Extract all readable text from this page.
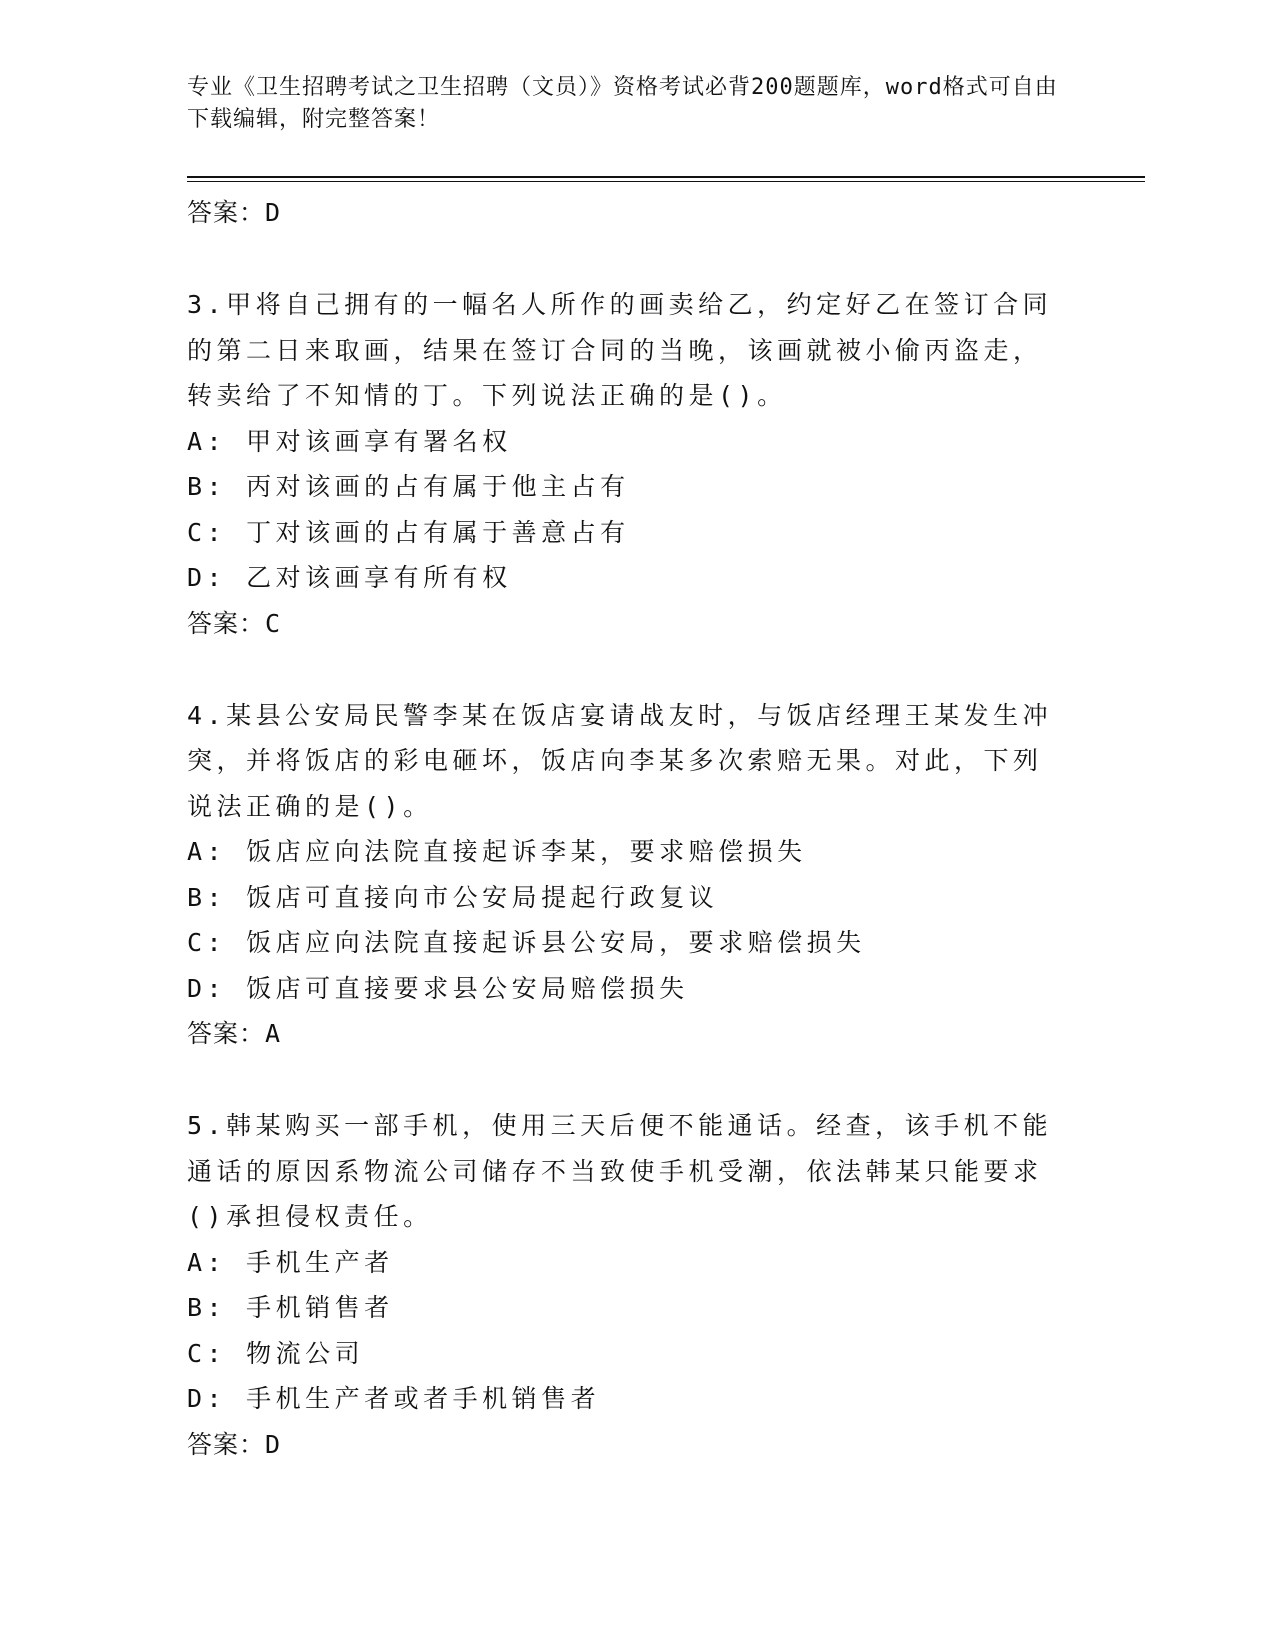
专业《卫生招聘考试之卫生招聘（文员）》资格考试必背200题题库，word格式可自由下载编辑，附完整答案！
答案：D
3.甲将自己拥有的一幅名人所作的画卖给乙，约定好乙在签订合同的第二日来取画，结果在签订合同的当晚，该画就被小偷丙盗走，转卖给了不知情的丁。下列说法正确的是()。
A: 甲对该画享有署名权
B: 丙对该画的占有属于他主占有
C: 丁对该画的占有属于善意占有
D: 乙对该画享有所有权
答案：C
4.某县公安局民警李某在饭店宴请战友时，与饭店经理王某发生冲突，并将饭店的彩电砸坏，饭店向李某多次索赔无果。对此，下列说法正确的是()。
A: 饭店应向法院直接起诉李某，要求赔偿损失
B: 饭店可直接向市公安局提起行政复议
C: 饭店应向法院直接起诉县公安局，要求赔偿损失
D: 饭店可直接要求县公安局赔偿损失
答案：A
5.韩某购买一部手机，使用三天后便不能通话。经查，该手机不能通话的原因系物流公司储存不当致使手机受潮，依法韩某只能要求()承担侵权责任。
A: 手机生产者
B: 手机销售者
C: 物流公司
D: 手机生产者或者手机销售者
答案：D
